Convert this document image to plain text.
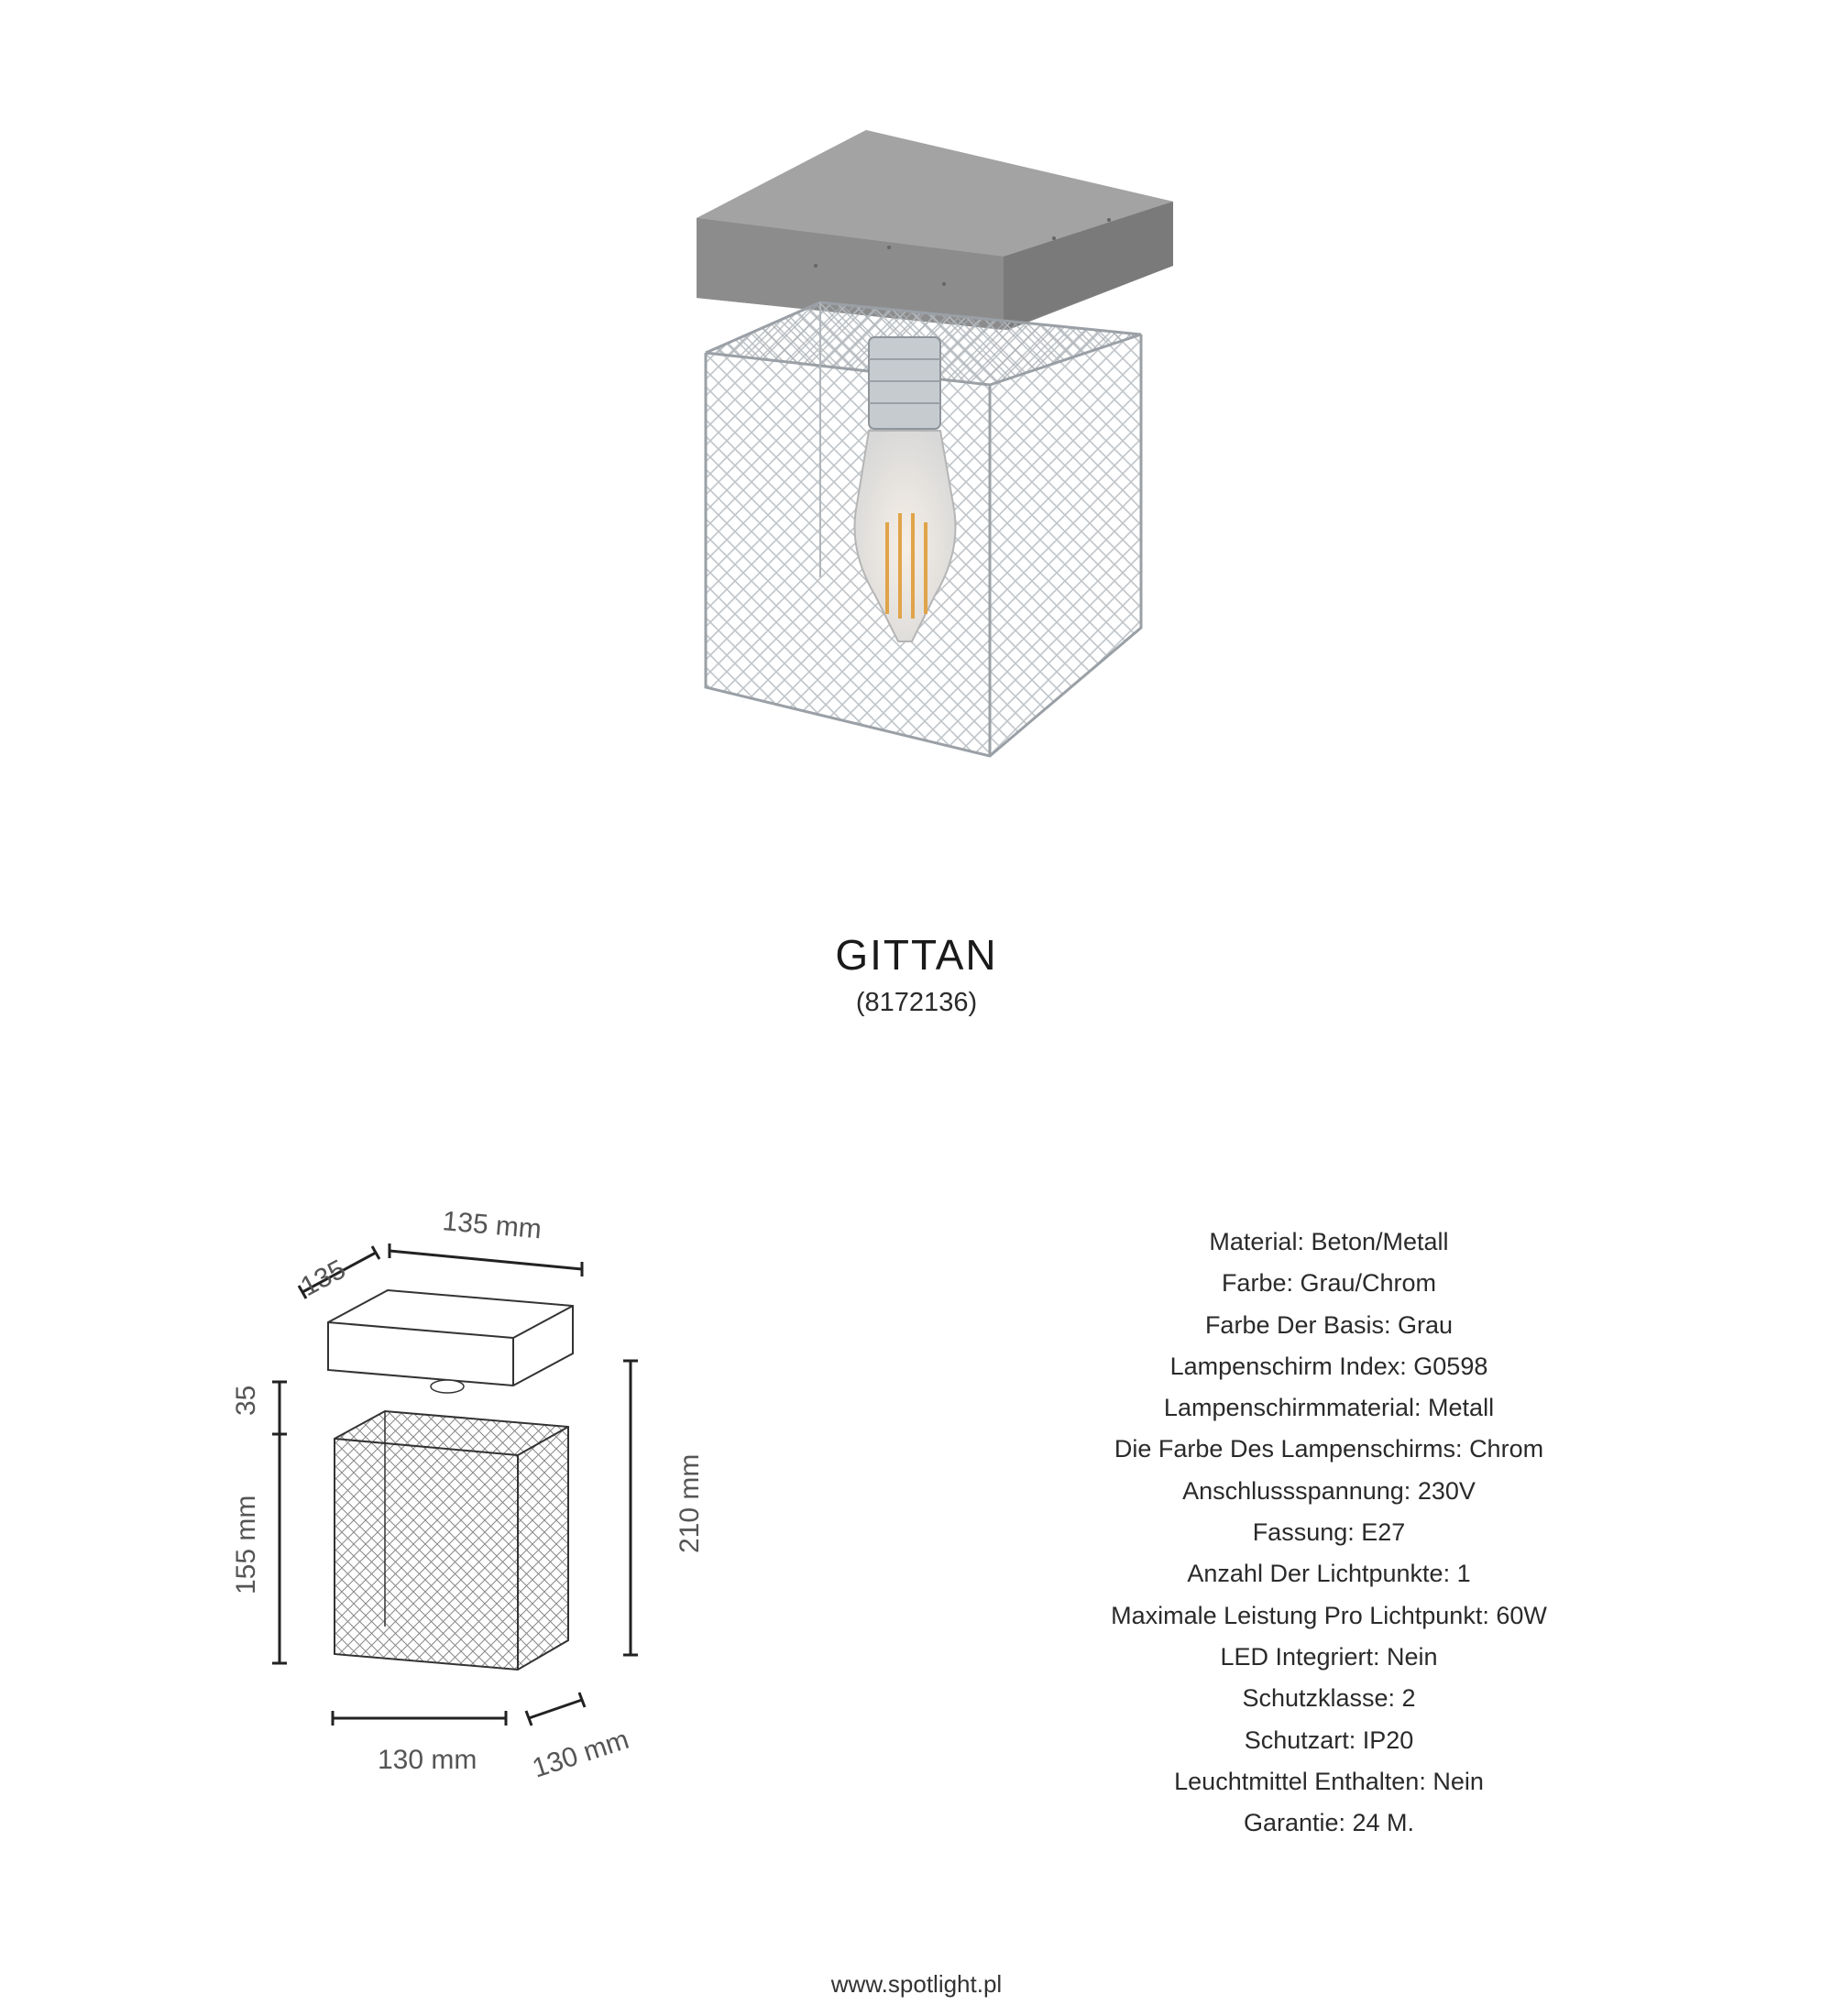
GITTAN
(8172136)
135
135 mm
35
155 mm	210 mm
130 mm 130 mm
Material: Beton/Metall
Farbe: Grau/Chrom
Farbe Der Basis: Grau
Lampenschirm Index: G0598
Lampenschirmmaterial: Metall
Die Farbe Des Lampenschirms: Chrom
Anschlussspannung: 230V
Fassung: E27
Anzahl Der Lichtpunkte: 1
Maximale Leistung Pro Lichtpunkt: 60W
LED Integriert: Nein
Schutzklasse: 2
Schutzart: IP20
Leuchtmittel Enthalten: Nein
Garantie: 24 M.
www.spotlight.pl
